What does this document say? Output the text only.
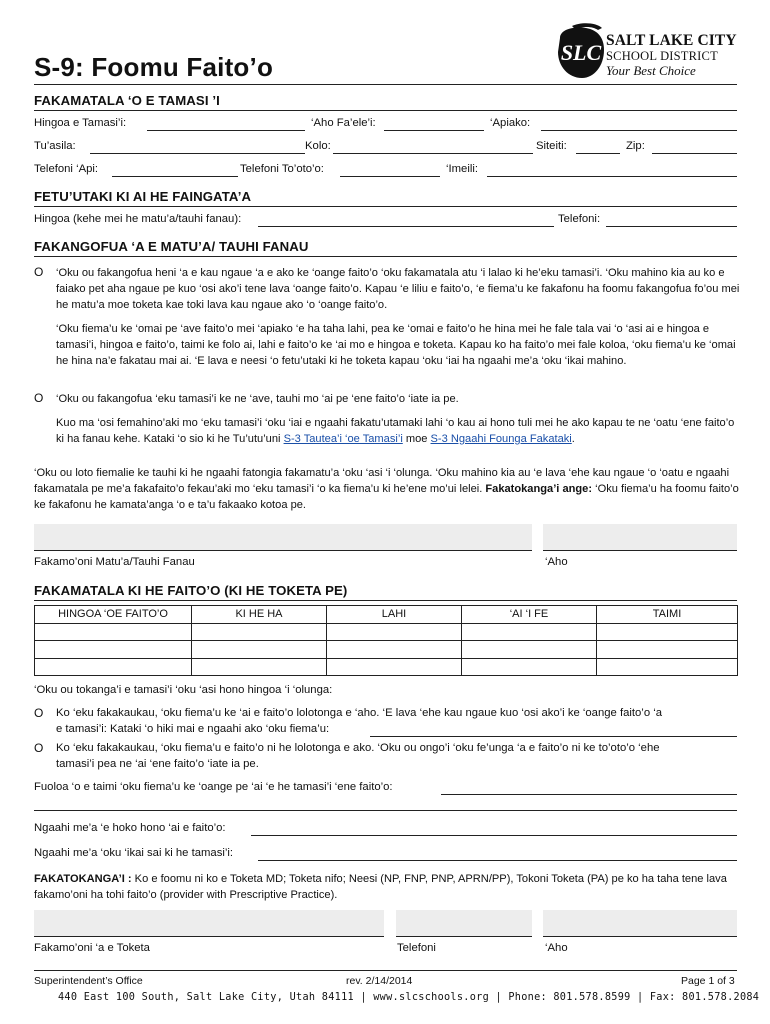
S-9: Foomu Faito’o	SLC SALT LAKE CITY
SCHOOL DISTRICT
Your Best Choice
FAKAMATALA ‘O E TAMASI ’I
Hingoa e Tamasi’i:	‘Aho Fa’ele’i:	‘Apiako:
Tu’asila:	Kolo:	Siteiti:	Zip:
Telefoni ‘Api:	Telefoni To’oto’o:	‘Imeili:
FETU’UTAKI KI AI HE FAINGATA’A
Hingoa (kehe mei he matu’a/tauhi fanau):	Telefoni:
FAKANGOFUA ‘A E MATU’A/ TAUHI FANAU
O ‘Oku ou fakangofua heni ‘a e kau ngaue ‘a e ako ke ‘oange faito’o ‘oku fakamatala atu ‘i lalao ki he’eku tamasi’i. ‘Oku mahino kia au ko e faiako pet aha ngaue pe kuo ‘osi ako’i tene lava ‘oange faito’o. Kapau ‘e liliu e faito’o, ‘e fiema’u ke fakafonu ha foomu fakangofua fo’ou mei he matu’a moe toketa kae toki lava kau ngaue ako ‘o ‘oange faito’o.
‘Oku fiema’u ke ‘omai pe ‘ave faito’o mei ‘apiako ‘e ha taha lahi, pea ke ‘omai e faito’o he hina mei he fale tala vai ‘o ‘asi ai e hingoa e tamasi’i, hingoa e faito’o, taimi ke folo ai, lahi e faito’o ke ‘ai mo e hingoa e toketa. Kapau ko ha faito’o mei fale koloa, ‘oku fiema’u ke ‘omai he hina na’e fakatau mai ai. ‘E lava e neesi ‘o fetu’utaki ki he toketa kapau ‘oku ‘iai ha ngaahi me’a ‘oku ‘ikai mahino.
O ‘Oku ou fakangofua ‘eku tamasi’i ke ne ‘ave, tauhi mo ‘ai pe ‘ene faito’o ‘iate ia pe.
Kuo ma ‘osi femahino’aki mo ‘eku tamasi’i ‘oku ‘iai e ngaahi fakatu’utamaki lahi ‘o kau ai hono tuli mei he ako kapau te ne ‘oatu ‘ene faito’o ki ha fanau kehe. Kataki ‘o sio ki he Tu’utu’uni S-3 Tautea’i ‘oe Tamasi’i moe S-3 Ngaahi Founga Fakataki.
‘Oku ou loto fiemalie ke tauhi ki he ngaahi fatongia fakamatu’a ‘oku ‘asi ‘i ‘olunga. ‘Oku mahino kia au ‘e lava ‘ehe kau ngaue ‘o ‘oatu e ngaahi fakamatala pe me’a fakafaito’o fekau’aki mo ‘eku tamasi’i ‘o ka fiema’u ki he’ene mo’ui lelei. Fakatokanga’i ange: ‘Oku fiema’u ha foomu faito’o ke fakafonu he kamata’anga ‘o e ta’u fakaako kotoa pe.
Fakamo’oni Matu’a/Tauhi Fanau	‘Aho
FAKAMATALA KI HE FAITO’O (KI HE TOKETA PE)
HINGOA ‘OE FAITO’O	KI HE HA	LAHI	‘AI ‘I FE	TAIMI

‘Oku ou tokanga’i e tamasi’i ‘oku ‘asi hono hingoa ‘i ‘olunga:
O Ko ‘eku fakakaukau, ‘oku fiema’u ke ‘ai e faito’o lolotonga e ‘aho. ‘E lava ‘ehe kau ngaue kuo ‘osi ako’i ke ‘oange faito’o ‘a
e tamasi’i: Kataki ‘o hiki mai e ngaahi ako ‘oku fiema’u:
O Ko ‘eku fakakaukau, ‘oku fiema’u e faito’o ni he lolotonga e ako. ‘Oku ou ongo’i ‘oku fe’unga ‘a e faito’o ni ke to’oto’o ‘ehe
tamasi’i pea ne ‘ai ‘ene faito’o ‘iate ia pe.
Fuoloa ‘o e taimi ‘oku fiema’u ke ‘oange pe ‘ai ‘e he tamasi’i ‘ene faito’o:
Ngaahi me’a ‘e hoko hono ‘ai e faito’o:
Ngaahi me’a ‘oku ‘ikai sai ki he tamasi’i:
FAKATOKANGA’I : Ko e foomu ni ko e Toketa MD; Toketa nifo; Neesi (NP, FNP, PNP, APRN/PP), Tokoni Toketa (PA) pe ko ha taha tene lava fakamo’oni ha tohi faito’o (provider with Prescriptive Practice).
Fakamo’oni ‘a e Toketa	Telefoni	‘Aho
Superintendent’s Office	rev. 2/14/2014	Page 1 of 3
440 East 100 South, Salt Lake City, Utah 84111 | www.slcschools.org | Phone: 801.578.8599 | Fax: 801.578.2084
